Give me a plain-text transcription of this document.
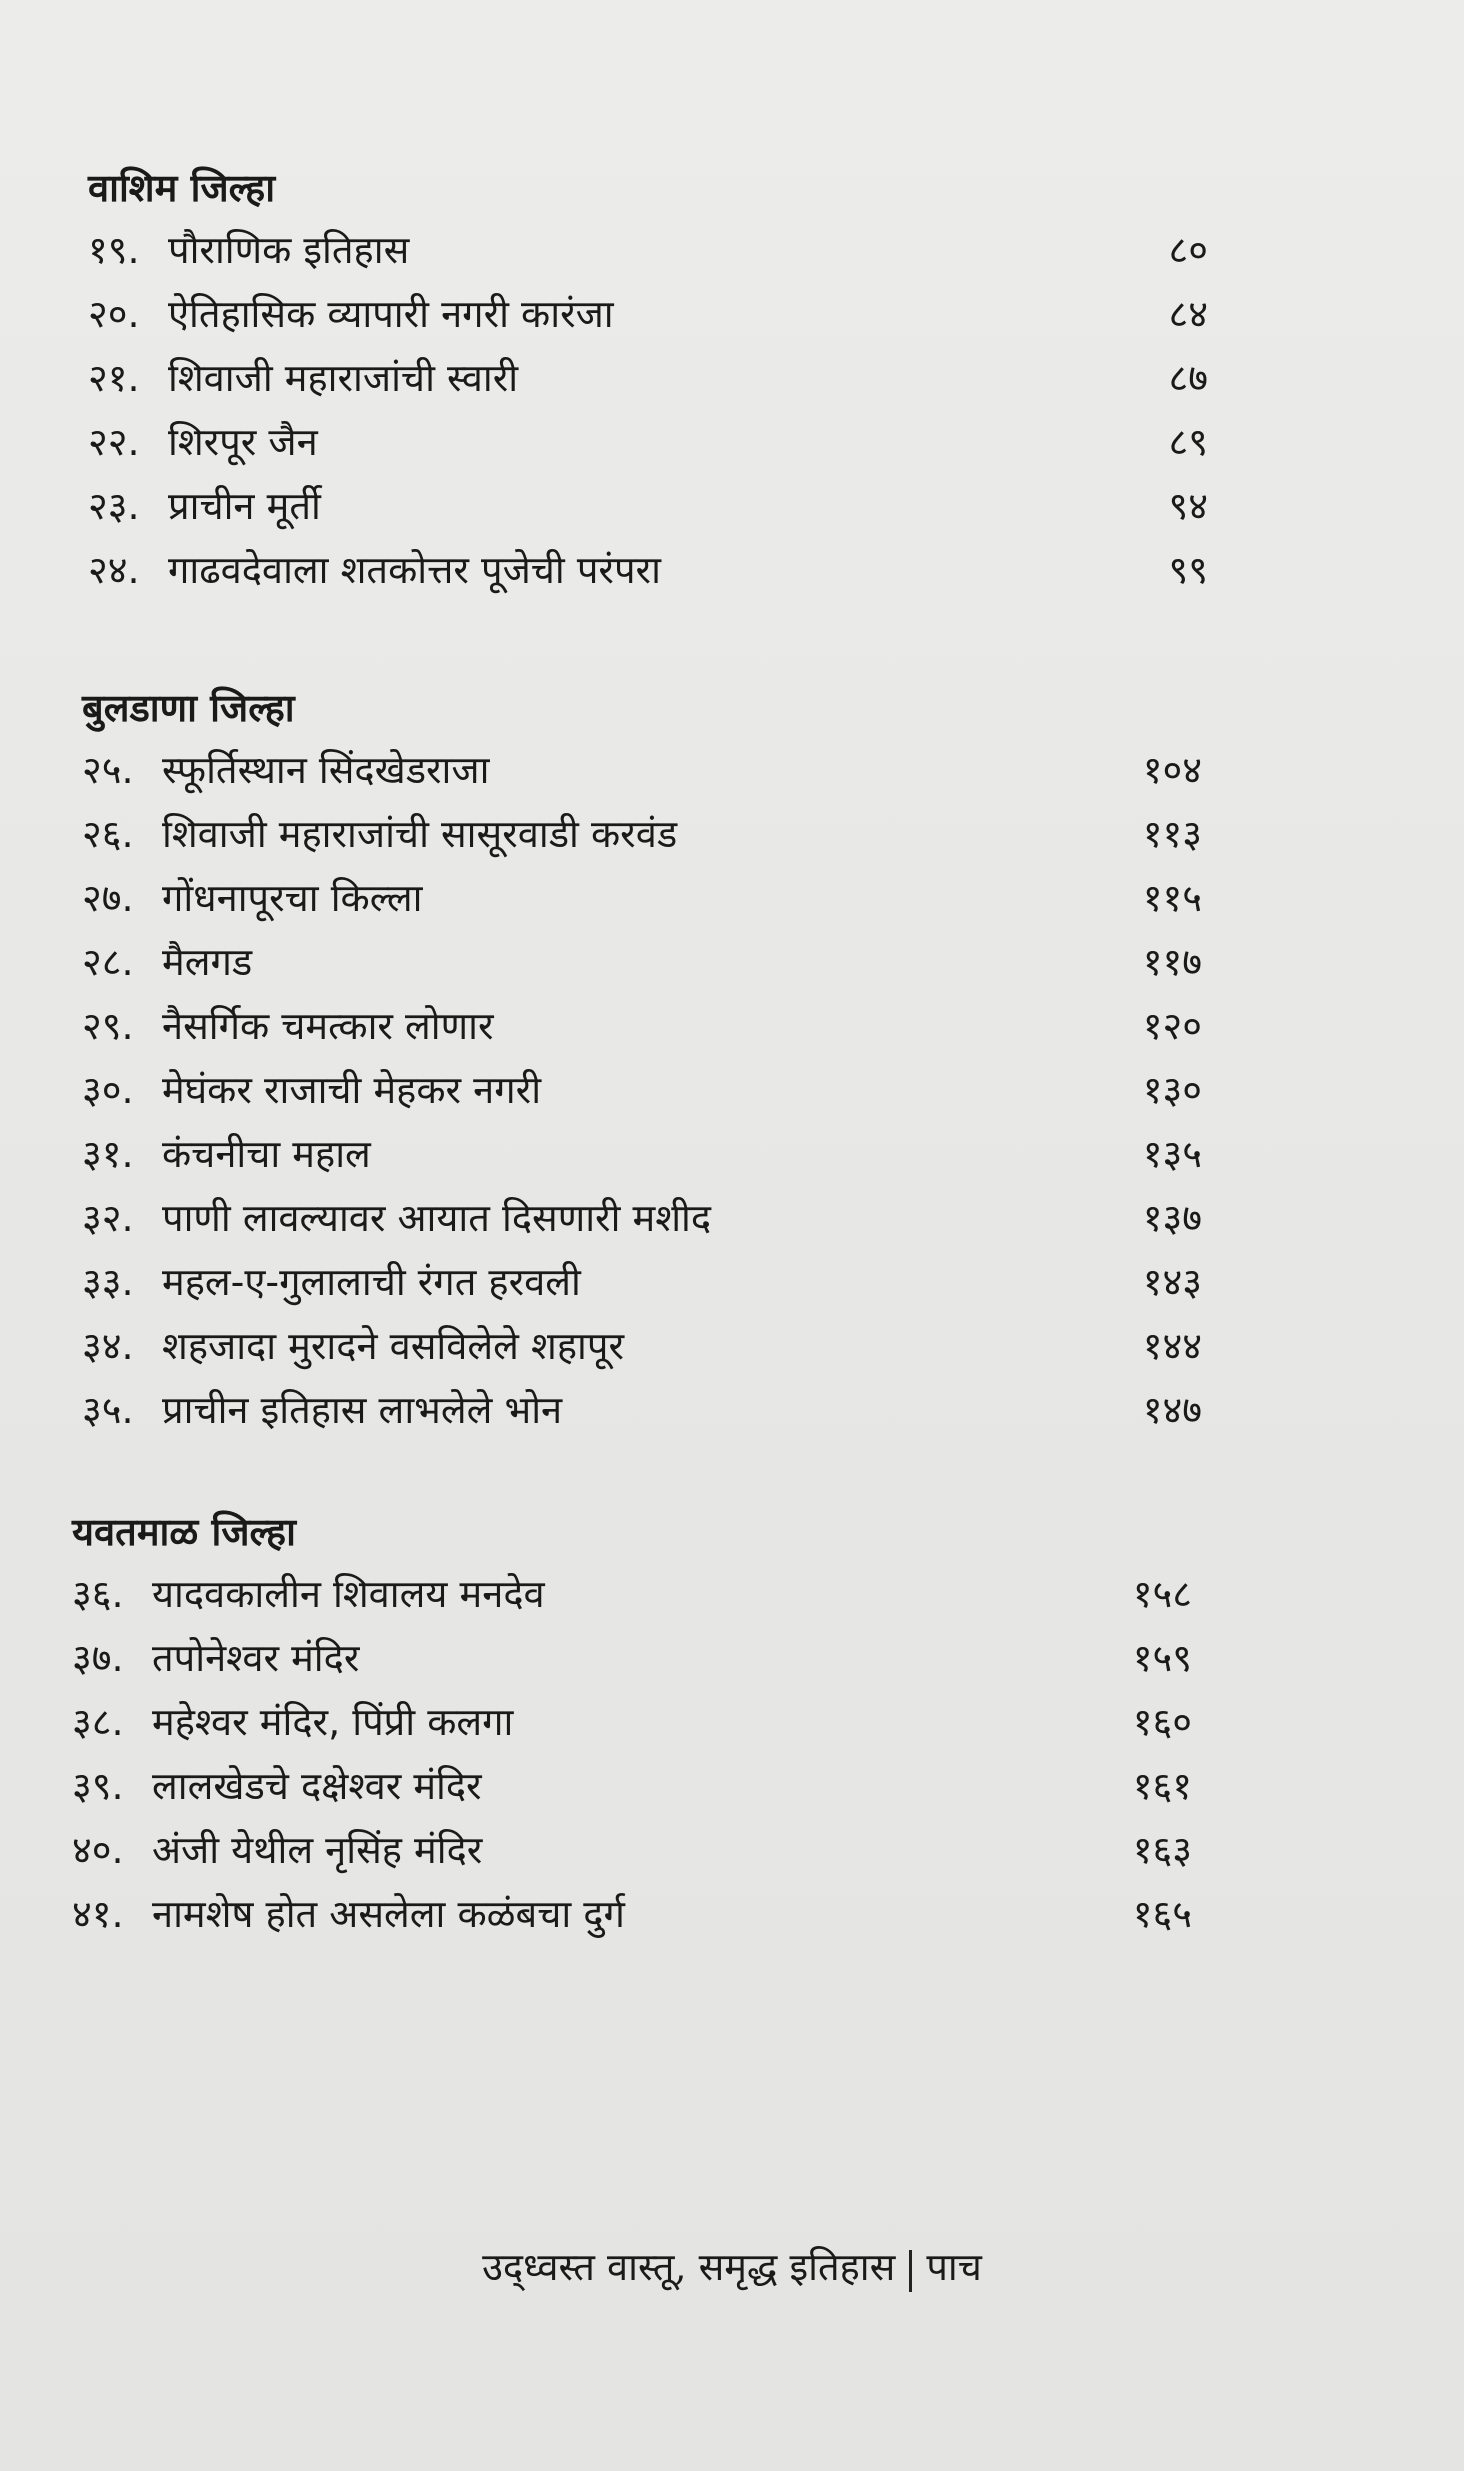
वाशिम जिल्हा
१९. पौराणिक इतिहास	८०
२०. ऐतिहासिक व्यापारी नगरी कारंजा	८४
२१. शिवाजी महाराजांची स्वारी	८७
२२. शिरपूर जैन	८९
२३. प्राचीन मूर्ती	९४
२४. गाढवदेवाला शतकोत्तर पूजेची परंपरा	९९
बुलडाणा जिल्हा
२५. स्फूर्तिस्थान सिंदखेडराजा	१०४
२६. शिवाजी महाराजांची सासूरवाडी करवंड	११३
२७. गोंधनापूरचा किल्ला	११५
२८. मैलगड	११७
२९. नैसर्गिक चमत्कार लोणार	१२०
३०. मेघंकर राजाची मेहकर नगरी	१३०
३१. कंचनीचा महाल	१३५
३२. पाणी लावल्यावर आयात दिसणारी मशीद	१३७
३३. महल-ए-गुलालाची रंगत हरवली	१४३
३४. शहजादा मुरादने वसविलेले शहापूर	१४४
३५. प्राचीन इतिहास लाभलेले भोन	१४७
यवतमाळ जिल्हा
३६. यादवकालीन शिवालय मनदेव	१५८
३७. तपोनेश्वर मंदिर	१५९
३८. महेश्वर मंदिर, पिंप्री कलगा	१६०
३९. लालखेडचे दक्षेश्वर मंदिर	१६१
४०. अंजी येथील नृसिंह मंदिर	१६३
४१. नामशेष होत असलेला कळंबचा दुर्ग	१६५
उद्‌ध्वस्त वास्तू, समृद्ध इतिहास पाच
